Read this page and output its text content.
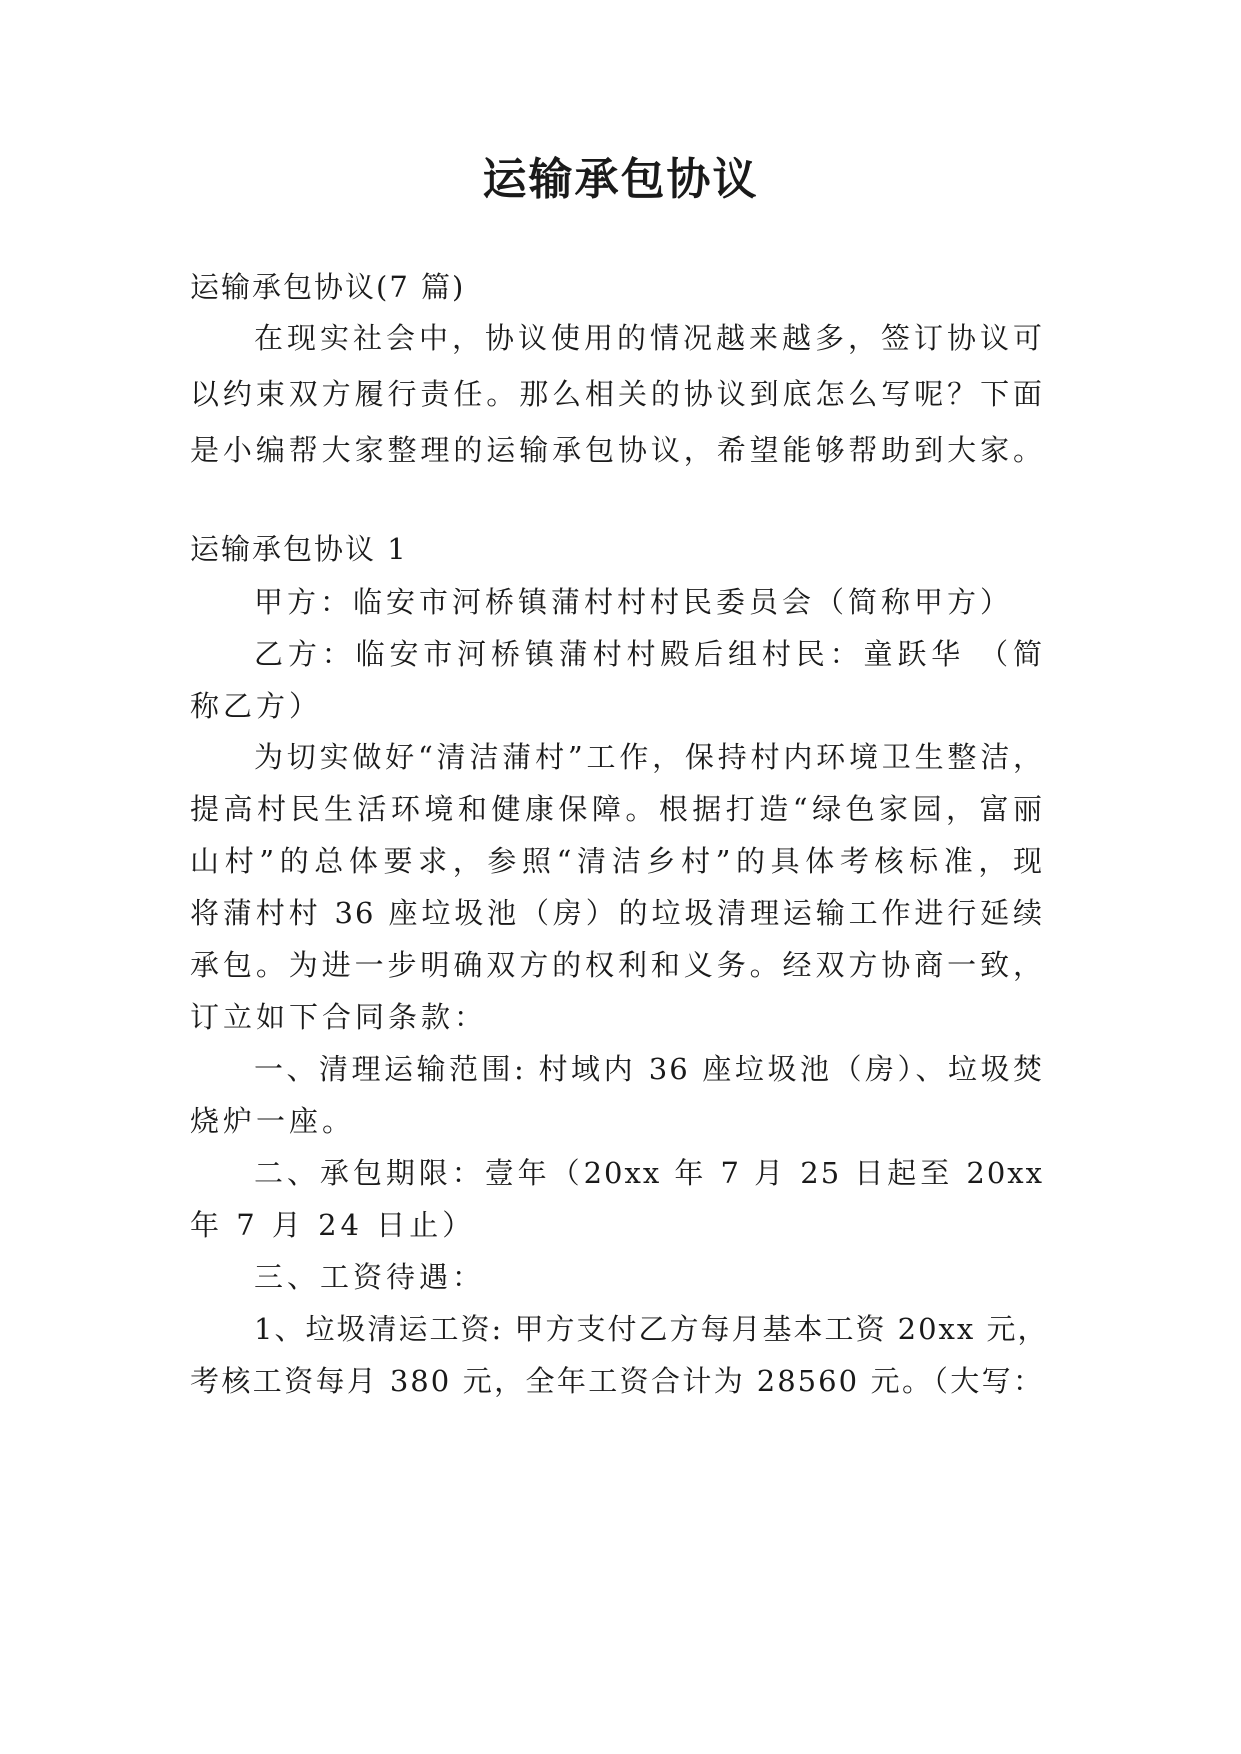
运输承包协议
运输承包协议(7 篇)
在现实社会中，协议使用的情况越来越多，签订协议可
以约束双方履行责任。那么相关的协议到底怎么写呢？下面
是小编帮大家整理的运输承包协议，希望能够帮助到大家。
运输承包协议 1
甲方：临安市河桥镇蒲村村村民委员会（简称甲方）
乙方：临安市河桥镇蒲村村殿后组村民：童跃华 （简
称乙方）
为切实做好“清洁蒲村”工作，保持村内环境卫生整洁，
提高村民生活环境和健康保障。根据打造“绿色家园，富丽
山村”的总体要求，参照“清洁乡村”的具体考核标准，现
将蒲村村 36 座垃圾池（房）的垃圾清理运输工作进行延续
承包。为进一步明确双方的权利和义务。经双方协商一致，
订立如下合同条款：
一、清理运输范围: 村域内 36 座垃圾池（房）、垃圾焚
烧炉一座。
二、承包期限：壹年（20xx 年 7 月 25 日起至 20xx
年 7 月 24 日止）
三、工资待遇：
1、垃圾清运工资: 甲方支付乙方每月基本工资 20xx 元，
考核工资每月 380 元，全年工资合计为 28560 元。（大写：
